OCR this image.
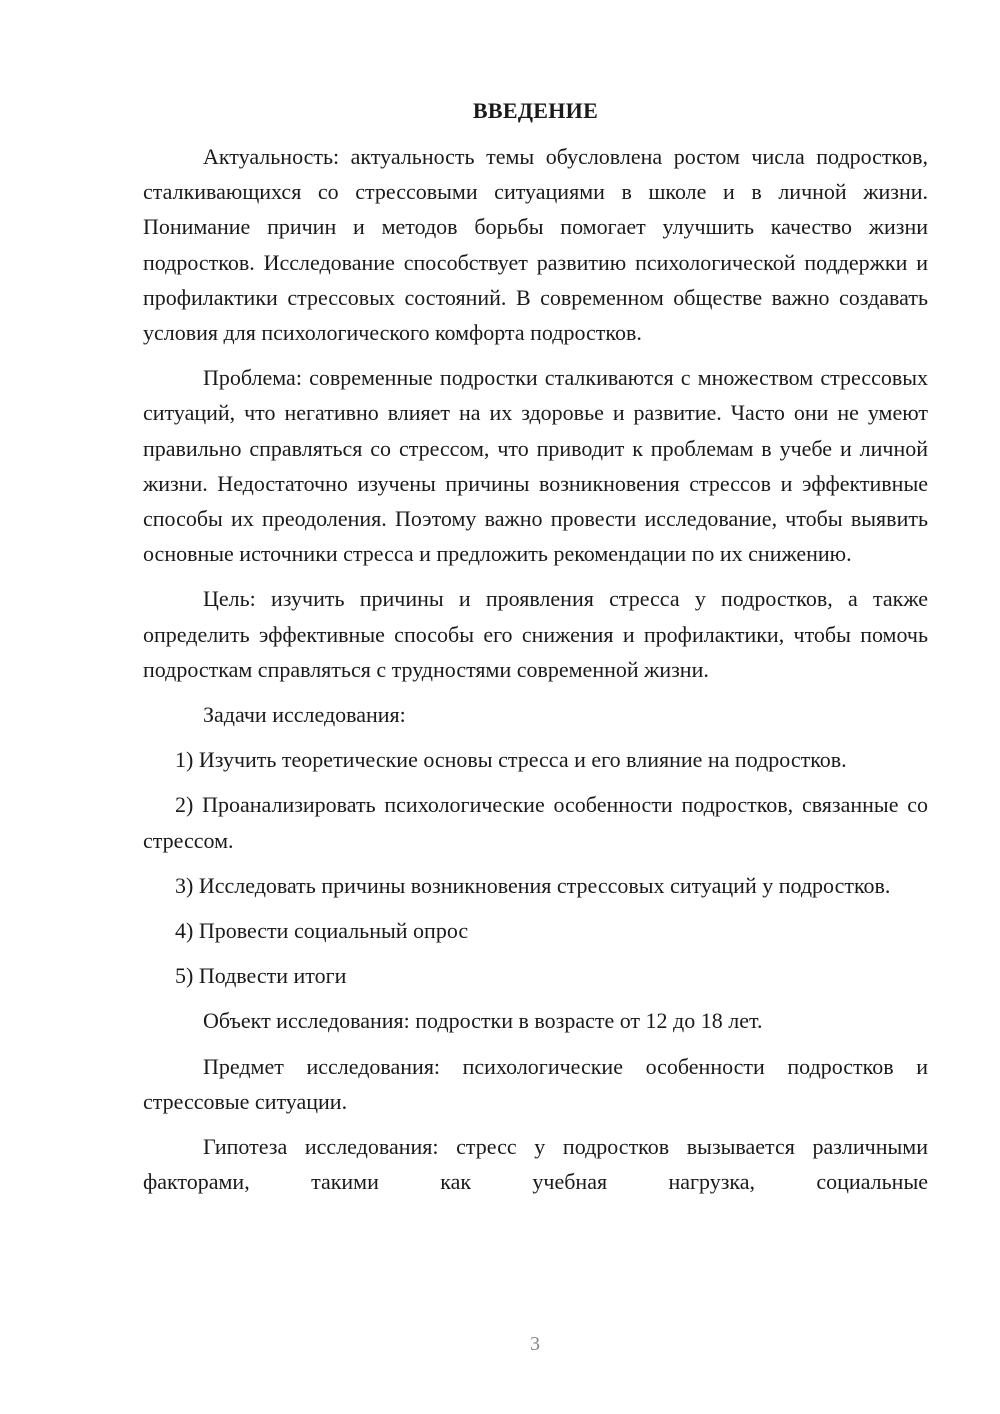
ВВЕДЕНИЕ

Актуальность: актуальность темы обусловлена ростом числа подростков, сталкивающихся со стрессовыми ситуациями в школе и в личной жизни. Понимание причин и методов борьбы помогает улучшить качество жизни подростков. Исследование способствует развитию психологической поддержки и профилактики стрессовых состояний. В современном обществе важно создавать условия для психологического комфорта подростков.

Проблема: современные подростки сталкиваются с множеством стрессовых ситуаций, что негативно влияет на их здоровье и развитие. Часто они не умеют правильно справляться со стрессом, что приводит к проблемам в учебе и личной жизни. Недостаточно изучены причины возникновения стрессов и эффективные способы их преодоления. Поэтому важно провести исследование, чтобы выявить основные источники стресса и предложить рекомендации по их снижению.

Цель: изучить причины и проявления стресса у подростков, а также определить эффективные способы его снижения и профилактики, чтобы помочь подросткам справляться с трудностями современной жизни.

Задачи исследования:

1) Изучить теоретические основы стресса и его влияние на подростков.

2) Проанализировать психологические особенности подростков, связанные со стрессом.

3) Исследовать причины возникновения стрессовых ситуаций у подростков.

4) Провести социальный опрос

5) Подвести итоги

Объект исследования: подростки в возрасте от 12 до 18 лет.

Предмет исследования: психологические особенности подростков и стрессовые ситуации.

Гипотеза исследования: стресс у подростков вызывается различными факторами, такими как учебная нагрузка, социальные

3
